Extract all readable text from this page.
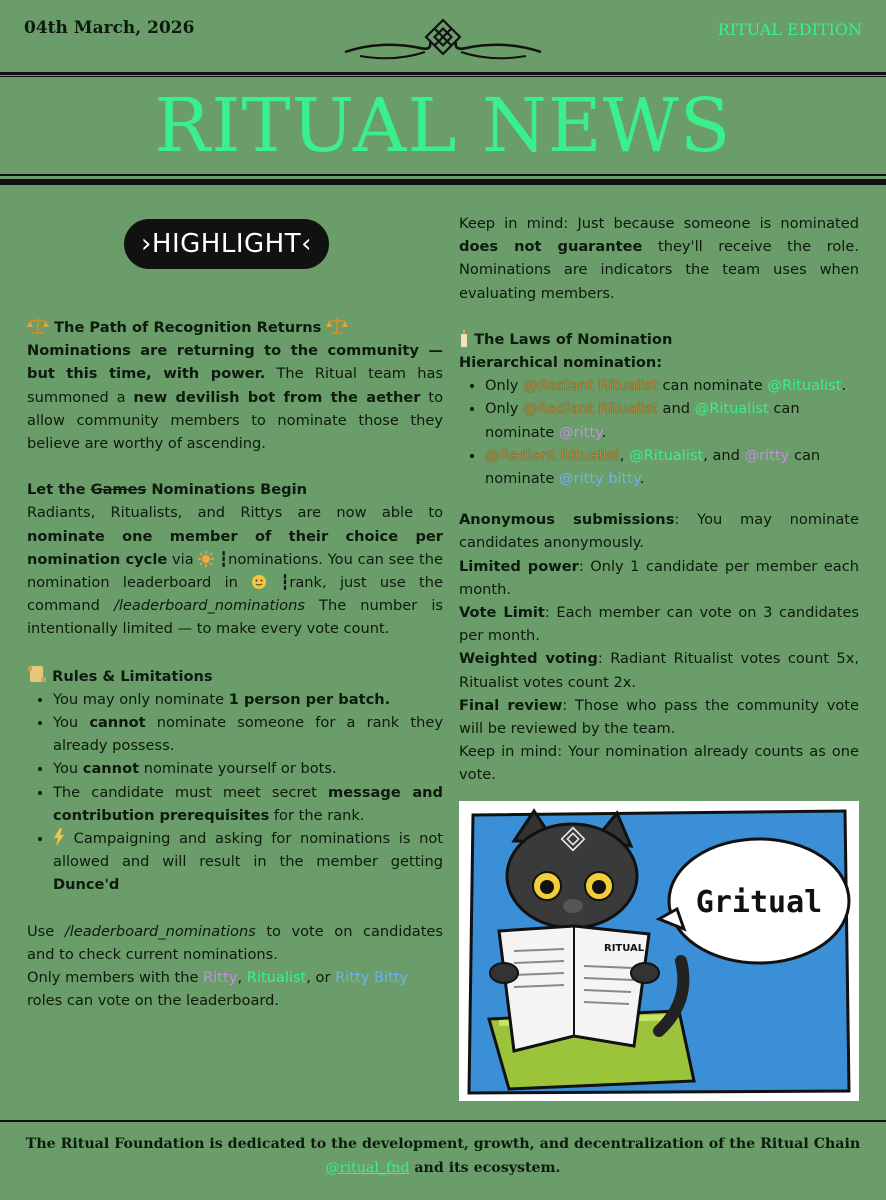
04th March, 2026	RITUAL EDITION
RITUAL NEWS
›HIGHLIGHT‹

The Path of Recognition Returns

Nominations are returning to the community — but this time, with power. The Ritual team has summoned a new devilish bot from the aether to allow community members to nominate those they believe are worthy of ascending.

Let the Games Nominations Begin

Radiants, Ritualists, and Rittys are now able to nominate one member of their choice per nomination cycle via  ┇nominations. You can see the nomination leaderboard in  ┇rank, just use the command /leaderboard_nominations The number is intentionally limited — to make every vote count.

Rules & Limitations

• You may only nominate 1 person per batch.
• You cannot nominate someone for a rank they already possess.
• You cannot nominate yourself or bots.
• The candidate must meet secret message and contribution prerequisites for the rank.
• Campaigning and asking for nominations is not allowed and will result in the member getting Dunce'd

Use /leaderboard_nominations to vote on candidates and to check current nominations.

Only members with the Ritty, Ritualist, or Ritty Bitty roles can vote on the leaderboard.

Keep in mind: Just because someone is nominated does not guarantee they'll receive the role. Nominations are indicators the team uses when evaluating members.

The Laws of Nomination

Hierarchical nomination:

• Only @Radiant Ritualist can nominate @Ritualist.
• Only @Radiant Ritualist and @Ritualist can nominate @ritty.
• @Radiant Ritualist, @Ritualist, and @ritty can nominate @ritty bitty.

Anonymous submissions: You may nominate candidates anonymously.

Limited power: Only 1 candidate per member each month.

Vote Limit: Each member can vote on 3 candidates per month.

Weighted voting: Radiant Ritualist votes count 5x, Ritualist votes count 2x.

Final review: Those who pass the community vote will be reviewed by the team.

Keep in mind: Your nomination already counts as one vote.

Gritual
RITUAL
The Ritual Foundation is dedicated to the development, growth, and decentralization of the Ritual Chain
@ritual_fnd and its ecosystem.
